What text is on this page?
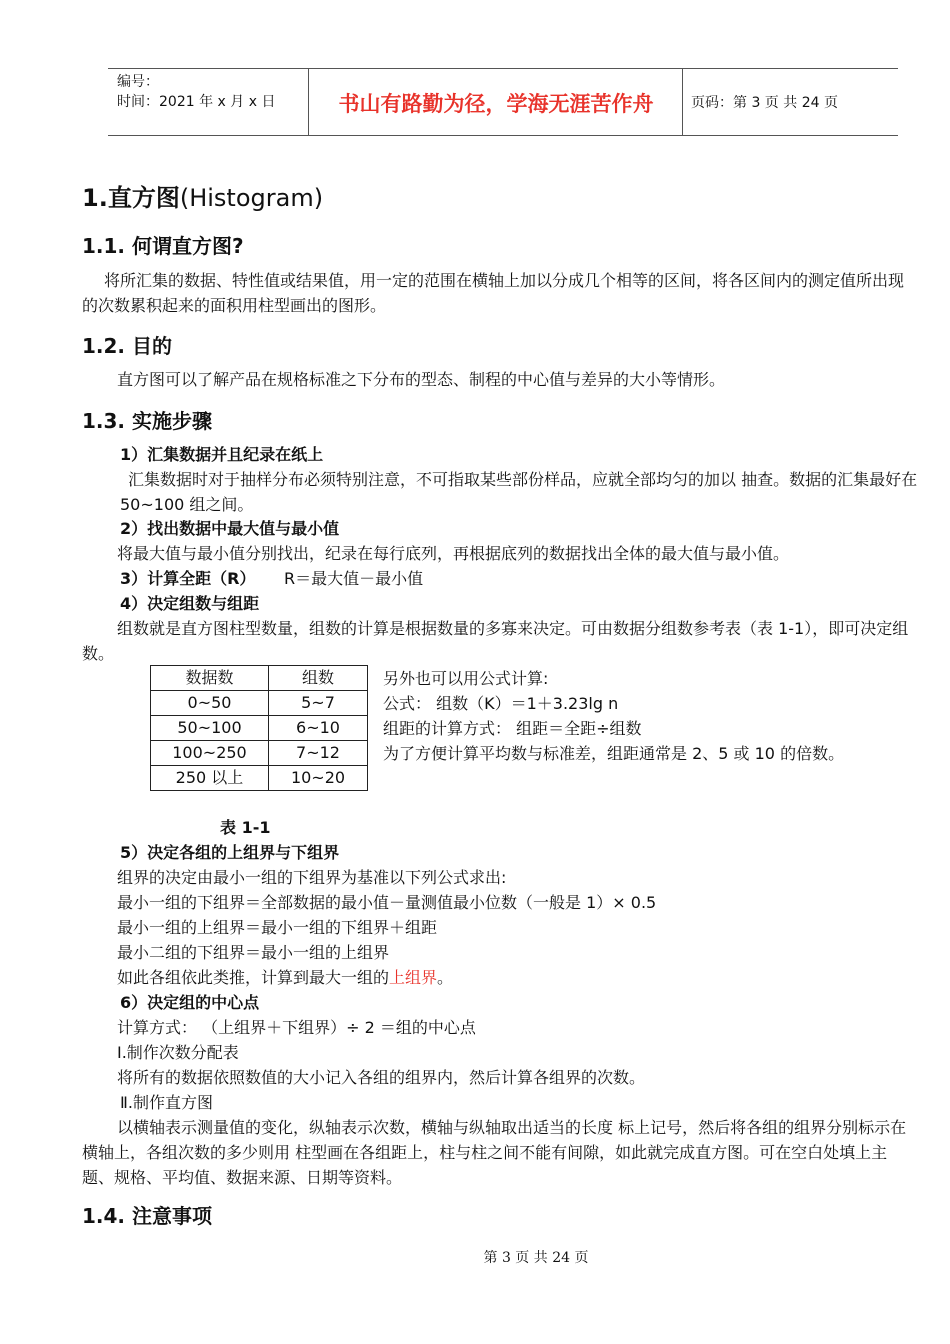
编号：
时间：2021 年 x 月 x 日	书山有路勤为径，学海无涯苦作舟	页码：第 3 页 共 24 页
1.直方图(Histogram)
1.1. 何谓直方图?
将所汇集的数据、特性值或结果值，用一定的范围在横轴上加以分成几个相等的区间，将各区间内的测定值所出现的次数累积起来的面积用柱型画出的图形。
1.2. 目的
直方图可以了解产品在规格标准之下分布的型态、制程的中心值与差异的大小等情形。
1.3. 实施步骤
1）汇集数据并且纪录在纸上
汇集数据时对于抽样分布必须特别注意，不可指取某些部份样品，应就全部均匀的加以 抽查。数据的汇集最好在 50~100 组之间。
2）找出数据中最大值与最小值
将最大值与最小值分别找出，纪录在每行底列，再根据底列的数据找出全体的最大值与最小值。
3）计算全距（R） R＝最大值－最小值
4）决定组数与组距
组数就是直方图柱型数量，组数的计算是根据数量的多寡来决定。可由数据分组数参考表（表 1-1），即可决定组数。
数据数	组数
0~50	5~7
50~100	6~10
100~250	7~12
250 以上	10~20
另外也可以用公式计算:
公式： 组数（K）＝1＋3.23lg n
组距的计算方式： 组距＝全距÷组数
为了方便计算平均数与标准差，组距通常是 2、5 或 10 的倍数。
表 1-1
5）决定各组的上组界与下组界
组界的决定由最小一组的下组界为基准以下列公式求出:
最小一组的下组界＝全部数据的最小值－量测值最小位数（一般是 1）× 0.5
最小一组的上组界＝最小一组的下组界＋组距
最小二组的下组界＝最小一组的上组界
如此各组依此类推，计算到最大一组的上组界。
6）决定组的中心点
计算方式： （上组界＋下组界）÷ 2 ＝组的中心点
Ⅰ.制作次数分配表
将所有的数据依照数值的大小记入各组的组界内，然后计算各组界的次数。
Ⅱ.制作直方图
以横轴表示测量值的变化，纵轴表示次数，横轴与纵轴取出适当的长度 标上记号，然后将各组的组界分别标示在横轴上，各组次数的多少则用 柱型画在各组距上，柱与柱之间不能有间隙，如此就完成直方图。可在空白处填上主题、规格、平均值、数据来源、日期等资料。
1.4. 注意事项
第 3 页 共 24 页
